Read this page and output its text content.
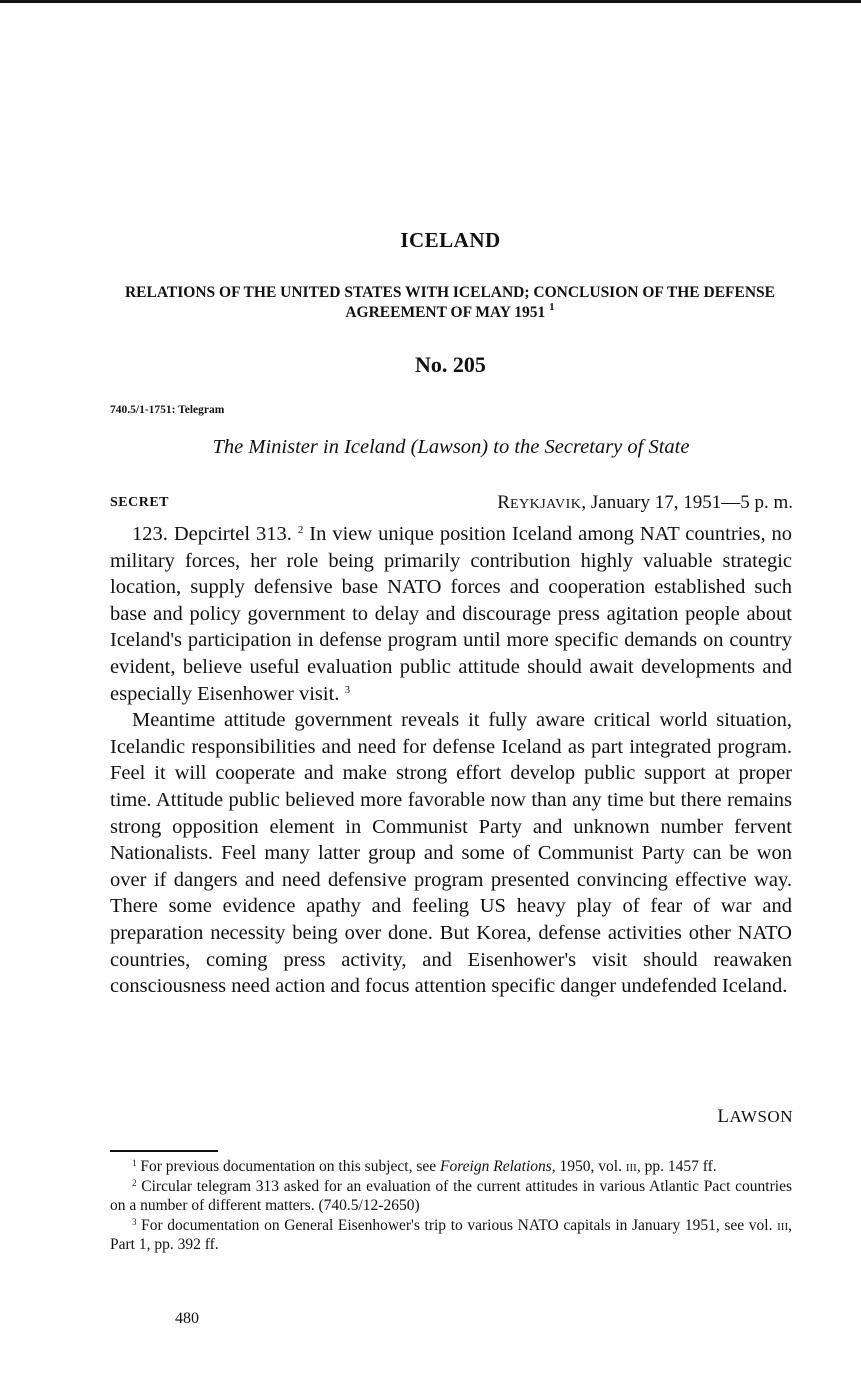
ICELAND
RELATIONS OF THE UNITED STATES WITH ICELAND; CONCLUSION OF THE DEFENSE AGREEMENT OF MAY 1951 $^1$
No. 205
740.5/1-1751: Telegram
The Minister in Iceland (Lawson) to the Secretary of State
SECRET	REYKJAVIK, January 17, 1951—5 p. m.

123. Depcirtel 313. $^2$ In view unique position Iceland among NAT countries, no military forces, her role being primarily contribution highly valuable strategic location, supply defensive base NATO forces and cooperation established such base and policy government to delay and discourage press agitation people about Iceland's participation in defense program until more specific demands on country evident, believe useful evaluation public attitude should await developments and especially Eisenhower visit. $^3$

Meantime attitude government reveals it fully aware critical world situation, Icelandic responsibilities and need for defense Iceland as part integrated program. Feel it will cooperate and make strong effort develop public support at proper time. Attitude public believed more favorable now than any time but there remains strong opposition element in Communist Party and unknown number fervent Nationalists. Feel many latter group and some of Communist Party can be won over if dangers and need defensive program presented convincing effective way. There some evidence apathy and feeling US heavy play of fear of war and preparation necessity being over done. But Korea, defense activities other NATO countries, coming press activity, and Eisenhower's visit should reawaken consciousness need action and focus attention specific danger undefended Iceland.

LAWSON

$^1$ For previous documentation on this subject, see Foreign Relations, 1950, vol. iii, pp. 1457 ff.

$^2$ Circular telegram 313 asked for an evaluation of the current attitudes in various Atlantic Pact countries on a number of different matters. (740.5/12-2650)

$^3$ For documentation on General Eisenhower's trip to various NATO capitals in January 1951, see vol. iii, Part 1, pp. 392 ff.

480
